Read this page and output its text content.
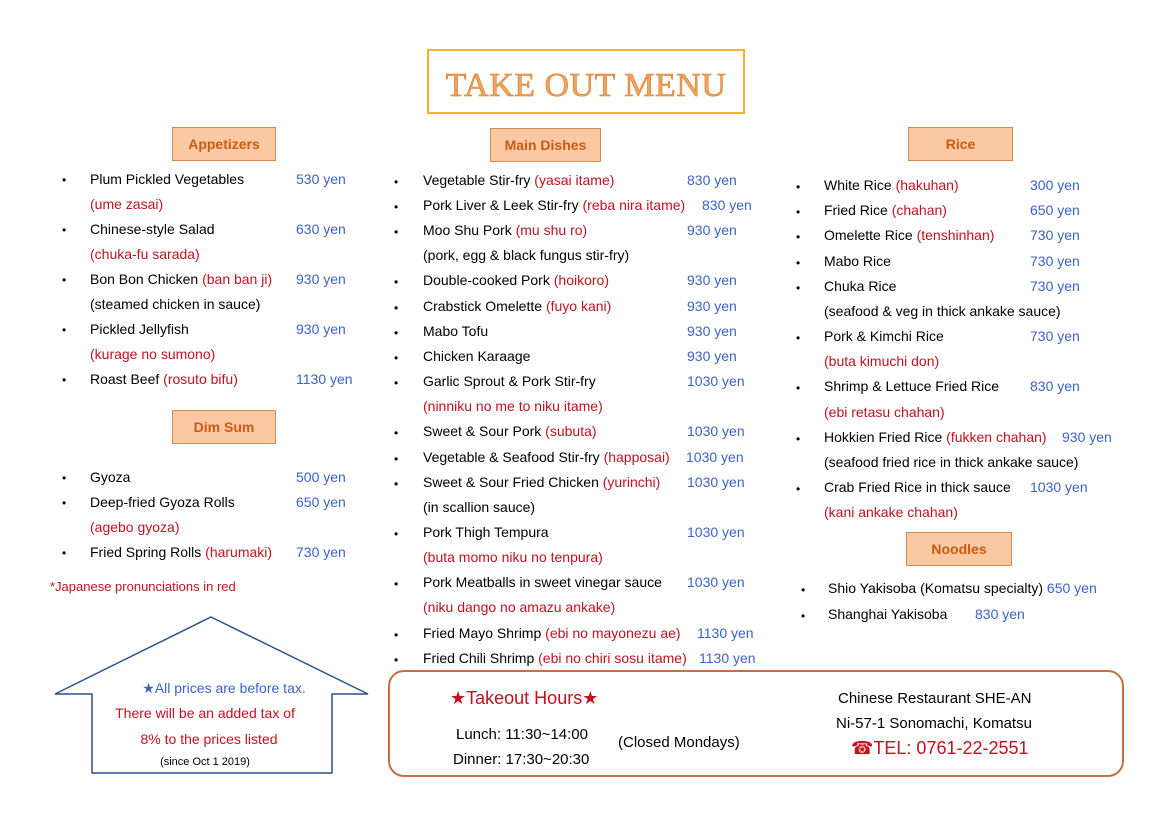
TAKE OUT MENU
Appetizers
Dim Sum
Main Dishes	Rice
Noodles
• Plum Pickled Vegetables	530 yen
(ume zasai)
• Chinese-style Salad	630 yen
(chuka-fu sarada)
• Bon Bon Chicken (ban ban ji) 930 yen
(steamed chicken in sauce)
• Pickled Jellyfish	930 yen
(kurage no sumono)
• Roast Beef (rosuto bifu)	1130 yen
• Gyoza	500 yen
• Deep-fried Gyoza Rolls	650 yen
(agebo gyoza)
• Fried Spring Rolls (harumaki) 730 yen
*Japanese pronunciations in red
★All prices are before tax.
There will be an added tax of
8% to the prices listed
(since Oct 1 2019)
• Vegetable Stir-fry (yasai itame)	830 yen
• Pork Liver & Leek Stir-fry (reba nira itame) 830 yen
• Moo Shu Pork (mu shu ro)	930 yen
(pork, egg & black fungus stir-fry)
• Double-cooked Pork (hoikoro)	930 yen
• Crabstick Omelette (fuyo kani)	930 yen
• Mabo Tofu	930 yen
• Chicken Karaage	930 yen
• Garlic Sprout & Pork Stir-fry	1030 yen
(ninniku no me to niku itame)
• Sweet & Sour Pork (subuta)	1030 yen
• Vegetable & Seafood Stir-fry (happosai) 1030 yen
• Sweet & Sour Fried Chicken (yurinchi) 1030 yen
(in scallion sauce)
• Pork Thigh Tempura	1030 yen
(buta momo niku no tenpura)
• Pork Meatballs in sweet vinegar sauce 1030 yen
(niku dango no amazu ankake)
• Fried Mayo Shrimp (ebi no mayonezu ae) 1130 yen
• Fried Chili Shrimp (ebi no chiri sosu itame) 1130 yen
• White Rice (hakuhan)	300 yen
• Fried Rice (chahan)	650 yen
• Omelette Rice (tenshinhan)	730 yen
• Mabo Rice	730 yen
• Chuka Rice	730 yen
(seafood & veg in thick ankake sauce)
• Pork & Kimchi Rice	730 yen
(buta kimuchi don)
• Shrimp & Lettuce Fried Rice 830 yen
(ebi retasu chahan)
• Hokkien Fried Rice (fukken chahan) 930 yen
(seafood fried rice in thick ankake sauce)
• Crab Fried Rice in thick sauce 1030 yen
(kani ankake chahan)
• Shio Yakisoba (Komatsu specialty) 650 yen
• Shanghai Yakisoba 830 yen
★Takeout Hours★
Lunch: 11:30~14:00
Dinner: 17:30~20:30
(Closed Mondays)
Chinese Restaurant SHE-AN
Ni-57-1 Sonomachi, Komatsu
☎TEL: 0761-22-2551
